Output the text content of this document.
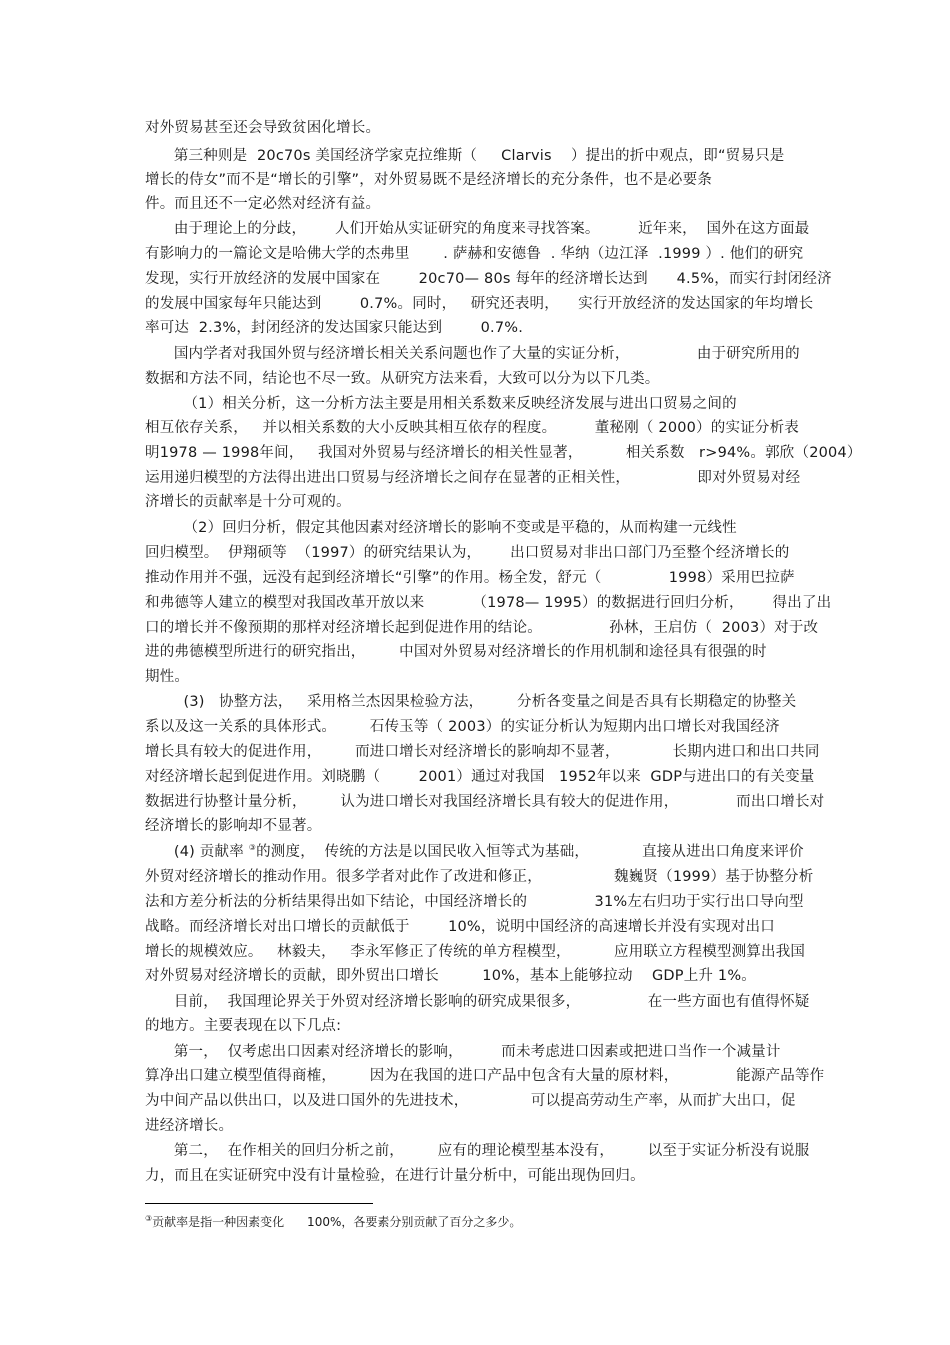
对外贸易甚至还会导致贫困化增长。
第三种则是  20c70s 美国经济学家克拉维斯（     Clarvis    ）提出的折中观点，即“贸易只是
增长的侍女”而不是“增长的引擎”，对外贸易既不是经济增长的充分条件，也不是必要条
件。而且还不一定必然对经济有益。
由于理论上的分歧，      人们开始从实证研究的角度来寻找答案。        近年来，  国外在这方面最
有影响力的一篇论文是哈佛大学的杰弗里       . 萨赫和安德鲁  . 华纳（边江泽  .1999 ）. 他们的研究
发现，实行开放经济的发展中国家在        20c70— 80s 每年的经济增长达到      4.5%，而实行封闭经济
的发展中国家每年只能达到        0.7%。同时，   研究还表明，    实行开放经济的发达国家的年均增长
率可达  2.3%，封闭经济的发达国家只能达到        0.7%.
国内学者对我国外贸与经济增长相关关系问题也作了大量的实证分析，              由于研究所用的
数据和方法不同，结论也不尽一致。从研究方法来看，大致可以分为以下几类。
（1）相关分析，这一分析方法主要是用相关系数来反映经济发展与进出口贸易之间的
相互依存关系，   并以相关系数的大小反映其相互依存的程度。        董秘刚（ 2000）的实证分析表
明1978 — 1998年间，   我国对外贸易与经济增长的相关性显著，         相关系数   r>94%。郭欣（2004）
运用递归模型的方法得出进出口贸易与经济增长之间存在显著的正相关性，              即对外贸易对经
济增长的贡献率是十分可观的。
（2）回归分析，假定其他因素对经济增长的影响不变或是平稳的，从而构建一元线性
回归模型。  伊翔硕等  （1997）的研究结果认为，      出口贸易对非出口部门乃至整个经济增长的
推动作用并不强，远没有起到经济增长“引擎”的作用。杨全发，舒元（              1998）采用巴拉萨
和弗德等人建立的模型对我国改革开放以来          （1978— 1995）的数据进行回归分析，      得出了出
口的增长并不像预期的那样对经济增长起到促进作用的结论。              孙林，王启仿（  2003）对于改
进的弗德模型所进行的研究指出，       中国对外贸易对经济增长的作用机制和途径具有很强的时
期性。
(3)   协整方法，   采用格兰杰因果检验方法，       分析各变量之间是否具有长期稳定的协整关
系以及这一关系的具体形式。       石传玉等（ 2003）的实证分析认为短期内出口增长对我国经济
增长具有较大的促进作用，       而进口增长对经济增长的影响却不显著，           长期内进口和出口共同
对经济增长起到促进作用。刘晓鹏（        2001）通过对我国   1952年以来  GDP与进出口的有关变量
数据进行协整计量分析，       认为进口增长对我国经济增长具有较大的促进作用，            而出口增长对
经济增长的影响却不显著。
(4) 贡献率 ③的测度，  传统的方法是以国民收入恒等式为基础，           直接从进出口角度来评价
外贸对经济增长的推动作用。很多学者对此作了改进和修正，               魏巍贤（1999）基于协整分析
法和方差分析法的分析结果得出如下结论，中国经济增长的              31%左右归功于实行出口导向型
战略。而经济增长对出口增长的贡献低于        10%，说明中国经济的高速增长并没有实现对出口
增长的规模效应。   林毅夫，   李永军修正了传统的单方程模型，         应用联立方程模型测算出我国
对外贸易对经济增长的贡献，即外贸出口增长         10%，基本上能够拉动    GDP上升 1%。
目前，  我国理论界关于外贸对经济增长影响的研究成果很多，              在一些方面也有值得怀疑
的地方。主要表现在以下几点:
第一，  仅考虑出口因素对经济增长的影响，        而未考虑进口因素或把进口当作一个减量计
算净出口建立模型值得商榷，       因为在我国的进口产品中包含有大量的原材料，            能源产品等作
为中间产品以供出口，以及进口国外的先进技术，             可以提高劳动生产率，从而扩大出口，促
进经济增长。
第二，  在作相关的回归分析之前，       应有的理论模型基本没有，       以至于实证分析没有说服
力，而且在实证研究中没有计量检验，在进行计量分析中，可能出现伪回归。
③贡献率是指一种因素变化      100%，各要素分别贡献了百分之多少。
